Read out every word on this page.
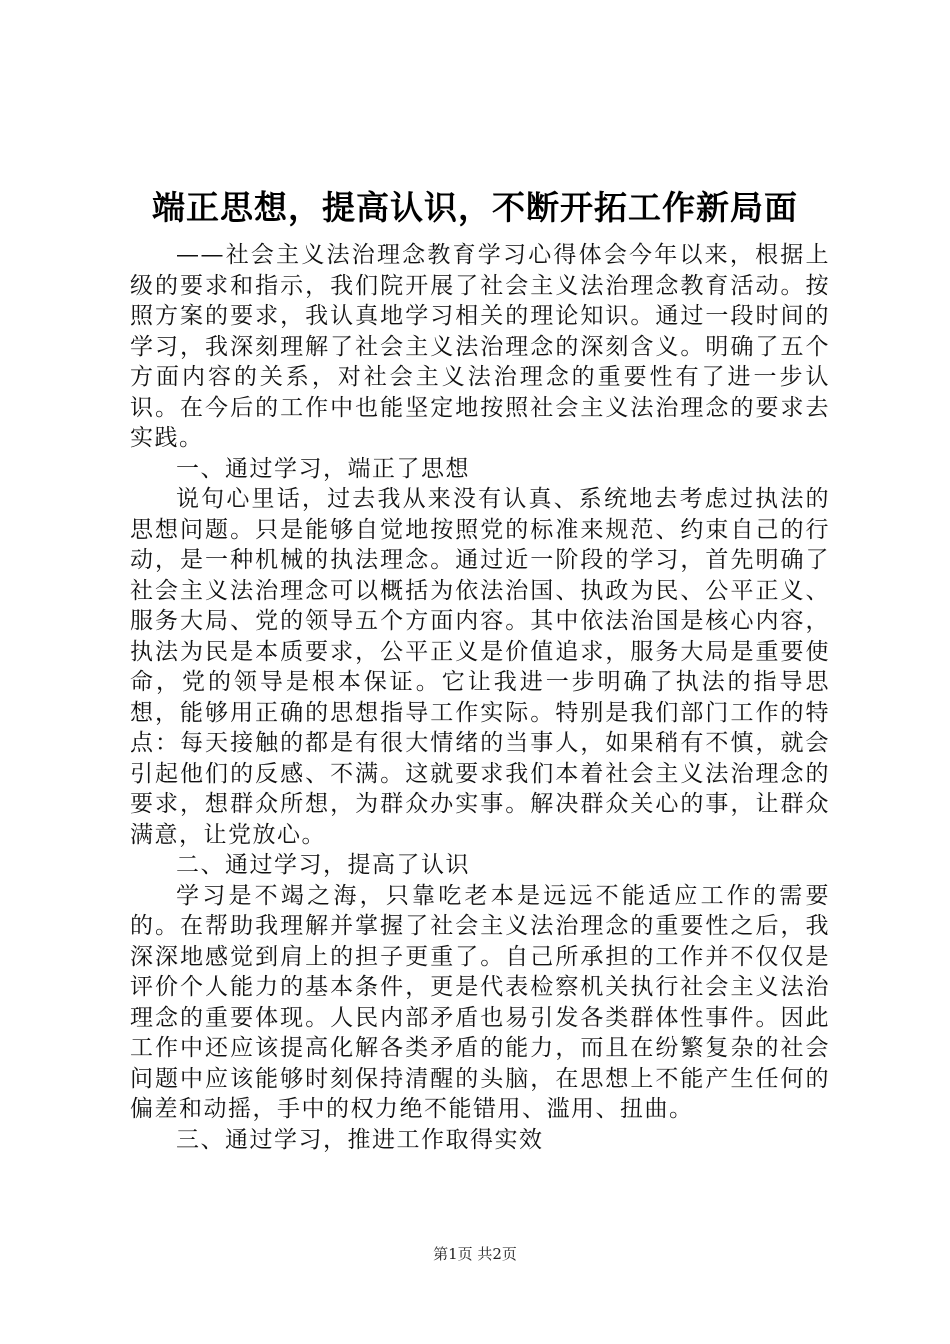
端正思想，提高认识，不断开拓工作新局面

——社会主义法治理念教育学习心得体会今年以来，根据上级的要求和指示，我们院开展了社会主义法治理念教育活动。按照方案的要求，我认真地学习相关的理论知识。通过一段时间的学习，我深刻理解了社会主义法治理念的深刻含义。明确了五个方面内容的关系，对社会主义法治理念的重要性有了进一步认识。在今后的工作中也能坚定地按照社会主义法治理念的要求去实践。

一、通过学习，端正了思想

说句心里话，过去我从来没有认真、系统地去考虑过执法的思想问题。只是能够自觉地按照党的标准来规范、约束自己的行动，是一种机械的执法理念。通过近一阶段的学习，首先明确了社会主义法治理念可以概括为依法治国、执政为民、公平正义、服务大局、党的领导五个方面内容。其中依法治国是核心内容，执法为民是本质要求，公平正义是价值追求，服务大局是重要使命，党的领导是根本保证。它让我进一步明确了执法的指导思想，能够用正确的思想指导工作实际。特别是我们部门工作的特点：每天接触的都是有很大情绪的当事人，如果稍有不慎，就会引起他们的反感、不满。这就要求我们本着社会主义法治理念的要求，想群众所想，为群众办实事。解决群众关心的事，让群众满意，让党放心。

二、通过学习，提高了认识

学习是不竭之海，只靠吃老本是远远不能适应工作的需要的。在帮助我理解并掌握了社会主义法治理念的重要性之后，我深深地感觉到肩上的担子更重了。自己所承担的工作并不仅仅是评价个人能力的基本条件，更是代表检察机关执行社会主义法治理念的重要体现。人民内部矛盾也易引发各类群体性事件。因此工作中还应该提高化解各类矛盾的能力，而且在纷繁复杂的社会问题中应该能够时刻保持清醒的头脑，在思想上不能产生任何的偏差和动摇，手中的权力绝不能错用、滥用、扭曲。

三、通过学习，推进工作取得实效

第1页 共2页
